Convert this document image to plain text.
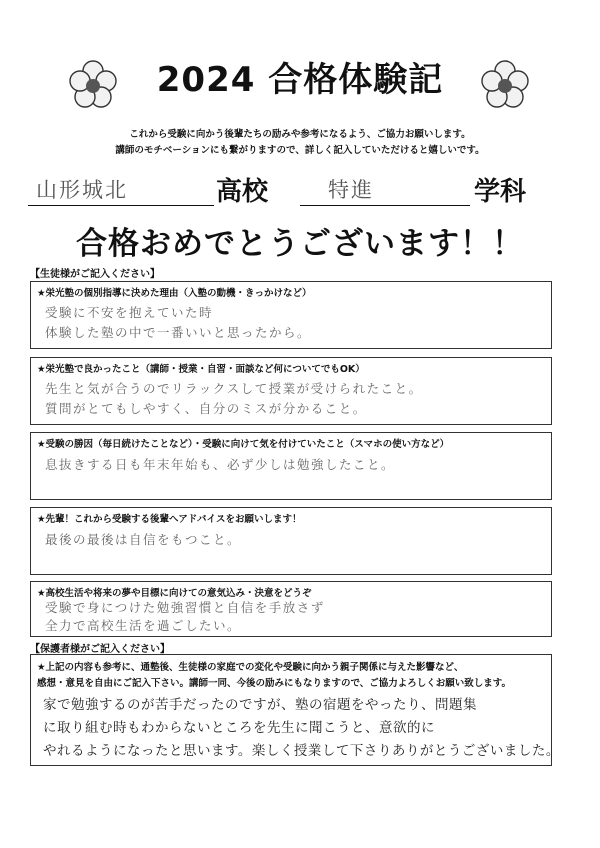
2024 合格体験記
これから受験に向かう後輩たちの励みや参考になるよう、ご協力お願いします。
講師のモチベーションにも繋がりますので、詳しく記入していただけると嬉しいです。
山形城北	高校	特進	学科
合格おめでとうございます！！
【生徒様がご記入ください】
★栄光塾の個別指導に決めた理由（入塾の動機・きっかけなど）
受験に不安を抱えていた時
体験した塾の中で一番いいと思ったから。
★栄光塾で良かったこと（講師・授業・自習・面談など何についてでもOK）
先生と気が合うのでリラックスして授業が受けられたこと。
質問がとてもしやすく、自分のミスが分かること。
★受験の勝因（毎日続けたことなど）・受験に向けて気を付けていたこと（スマホの使い方など）
息抜きする日も年末年始も、必ず少しは勉強したこと。
★先輩！これから受験する後輩へアドバイスをお願いします！
最後の最後は自信をもつこと。
★高校生活や将来の夢や目標に向けての意気込み・決意をどうぞ
受験で身につけた勉強習慣と自信を手放さず
全力で高校生活を過ごしたい。
【保護者様がご記入ください】
★上記の内容も参考に、通塾後、生徒様の家庭での変化や受験に向かう親子関係に与えた影響など、
感想・意見を自由にご記入下さい。講師一同、今後の励みにもなりますので、ご協力よろしくお願い致します。
家で勉強するのが苦手だったのですが、塾の宿題をやったり、問題集
に取り組む時もわからないところを先生に聞こうと、意欲的に
やれるようになったと思います。楽しく授業して下さりありがとうございました。
